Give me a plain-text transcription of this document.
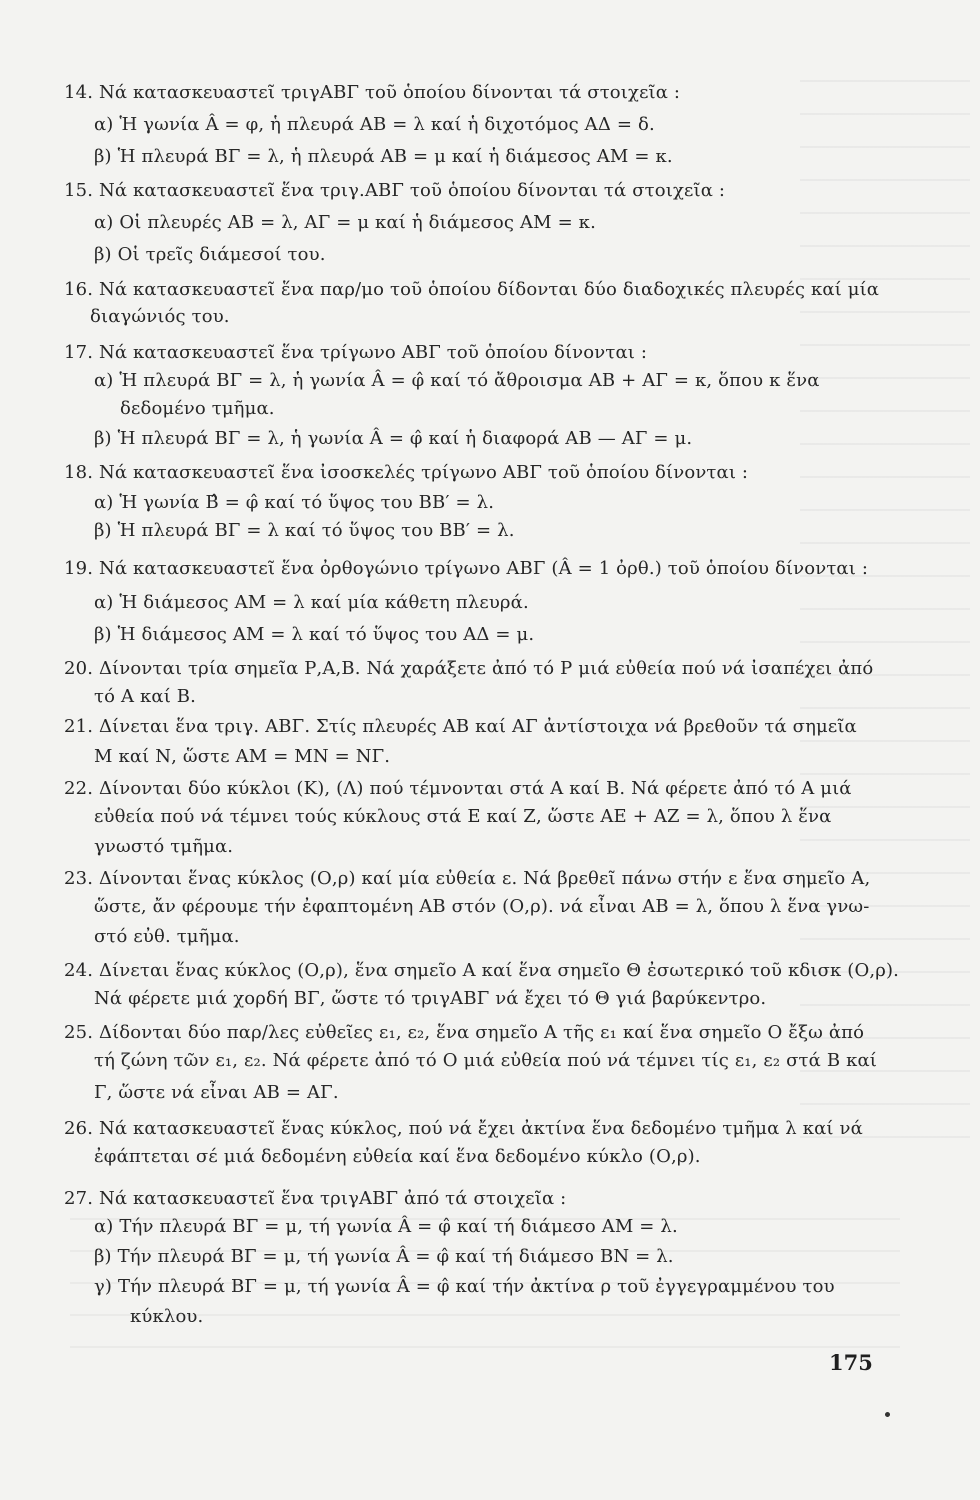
14. Νά κατασκευαστεῖ τριγΑΒΓ τοῦ ὁποίου δίνονται τά στοιχεῖα :
α) Ἡ γωνία Â = φ, ἡ πλευρά ΑΒ = λ καί ἡ διχοτόμος ΑΔ = δ.
β) Ἡ πλευρά ΒΓ = λ, ἡ πλευρά ΑΒ = μ καί ἡ διάμεσος ΑΜ = κ.
15. Νά κατασκευαστεῖ ἕνα τριγ.ΑΒΓ τοῦ ὁποίου δίνονται τά στοιχεῖα :
α) Οἱ πλευρές ΑΒ = λ, ΑΓ = μ καί ἡ διάμεσος ΑΜ = κ.
β) Οἱ τρεῖς διάμεσοί του.
16. Νά κατασκευαστεῖ ἕνα παρ/μο τοῦ ὁποίου δίδονται δύο διαδοχικές πλευρές καί μία
διαγώνιός του.
17. Νά κατασκευαστεῖ ἕνα τρίγωνο ΑΒΓ τοῦ ὁποίου δίνονται :
α) Ἡ πλευρά ΒΓ = λ, ἡ γωνία Â = φ̂ καί τό ἄθροισμα ΑΒ + ΑΓ = κ, ὅπου κ ἕνα
δεδομένο τμῆμα.
β) Ἡ πλευρά ΒΓ = λ, ἡ γωνία Â = φ̂ καί ἡ διαφορά ΑΒ — ΑΓ = μ.
18. Νά κατασκευαστεῖ ἕνα ἰσοσκελές τρίγωνο ΑΒΓ τοῦ ὁποίου δίνονται :
α) Ἡ γωνία Β̂ = φ̂ καί τό ὕψος του ΒΒ′ = λ.
β) Ἡ πλευρά ΒΓ = λ καί τό ὕψος του ΒΒ′ = λ.
19. Νά κατασκευαστεῖ ἕνα ὀρθογώνιο τρίγωνο ΑΒΓ (Â = 1 ὀρθ.) τοῦ ὁποίου δίνονται :
α) Ἡ διάμεσος ΑΜ = λ καί μία κάθετη πλευρά.
β) Ἡ διάμεσος ΑΜ = λ καί τό ὕψος του ΑΔ = μ.
20. Δίνονται τρία σημεῖα Ρ,Α,Β. Νά χαράξετε ἀπό τό Ρ μιά εὐθεία πού νά ἰσαπέχει ἀπό
τό Α καί Β.
21. Δίνεται ἕνα τριγ. ΑΒΓ. Στίς πλευρές ΑΒ καί ΑΓ ἀντίστοιχα νά βρεθοῦν τά σημεῖα
Μ καί Ν, ὥστε ΑΜ = ΜΝ = ΝΓ.
22. Δίνονται δύο κύκλοι (Κ), (Λ) πού τέμνονται στά Α καί Β. Νά φέρετε ἀπό τό Α μιά
εὐθεία πού νά τέμνει τούς κύκλους στά Ε καί Ζ, ὥστε ΑΕ + ΑΖ = λ, ὅπου λ ἕνα
γνωστό τμῆμα.
23. Δίνονται ἕνας κύκλος (Ο,ρ) καί μία εὐθεία ε. Νά βρεθεῖ πάνω στήν ε ἕνα σημεῖο Α,
ὥστε, ἄν φέρουμε τήν ἐφαπτομένη ΑΒ στόν (Ο,ρ). νά εἶναι ΑΒ = λ, ὅπου λ ἕνα γνω-
στό εὐθ. τμῆμα.
24. Δίνεται ἕνας κύκλος (Ο,ρ), ἕνα σημεῖο Α καί ἕνα σημεῖο Θ ἐσωτερικό τοῦ κδισκ (Ο,ρ).
Νά φέρετε μιά χορδή ΒΓ, ὥστε τό τριγΑΒΓ νά ἔχει τό Θ γιά βαρύκεντρο.
25. Δίδονται δύο παρ/λες εὐθεῖες ε₁, ε₂, ἕνα σημεῖο Α τῆς ε₁ καί ἕνα σημεῖο Ο ἔξω ἀπό
τή ζώνη τῶν ε₁, ε₂. Νά φέρετε ἀπό τό Ο μιά εὐθεία πού νά τέμνει τίς ε₁, ε₂ στά Β καί
Γ, ὥστε νά εἶναι ΑΒ = ΑΓ.
26. Νά κατασκευαστεῖ ἕνας κύκλος, πού νά ἔχει ἀκτίνα ἕνα δεδομένο τμῆμα λ καί νά
ἐφάπτεται σέ μιά δεδομένη εὐθεία καί ἕνα δεδομένο κύκλο (Ο,ρ).
27. Νά κατασκευαστεῖ ἕνα τριγΑΒΓ ἀπό τά στοιχεῖα :
α) Τήν πλευρά ΒΓ = μ, τή γωνία Â = φ̂ καί τή διάμεσο ΑΜ = λ.
β) Τήν πλευρά ΒΓ = μ, τή γωνία Â = φ̂ καί τή διάμεσο ΒΝ = λ.
γ) Τήν πλευρά ΒΓ = μ, τή γωνία Â = φ̂ καί τήν ἀκτίνα ρ τοῦ ἐγγεγραμμένου του
κύκλου.
175
